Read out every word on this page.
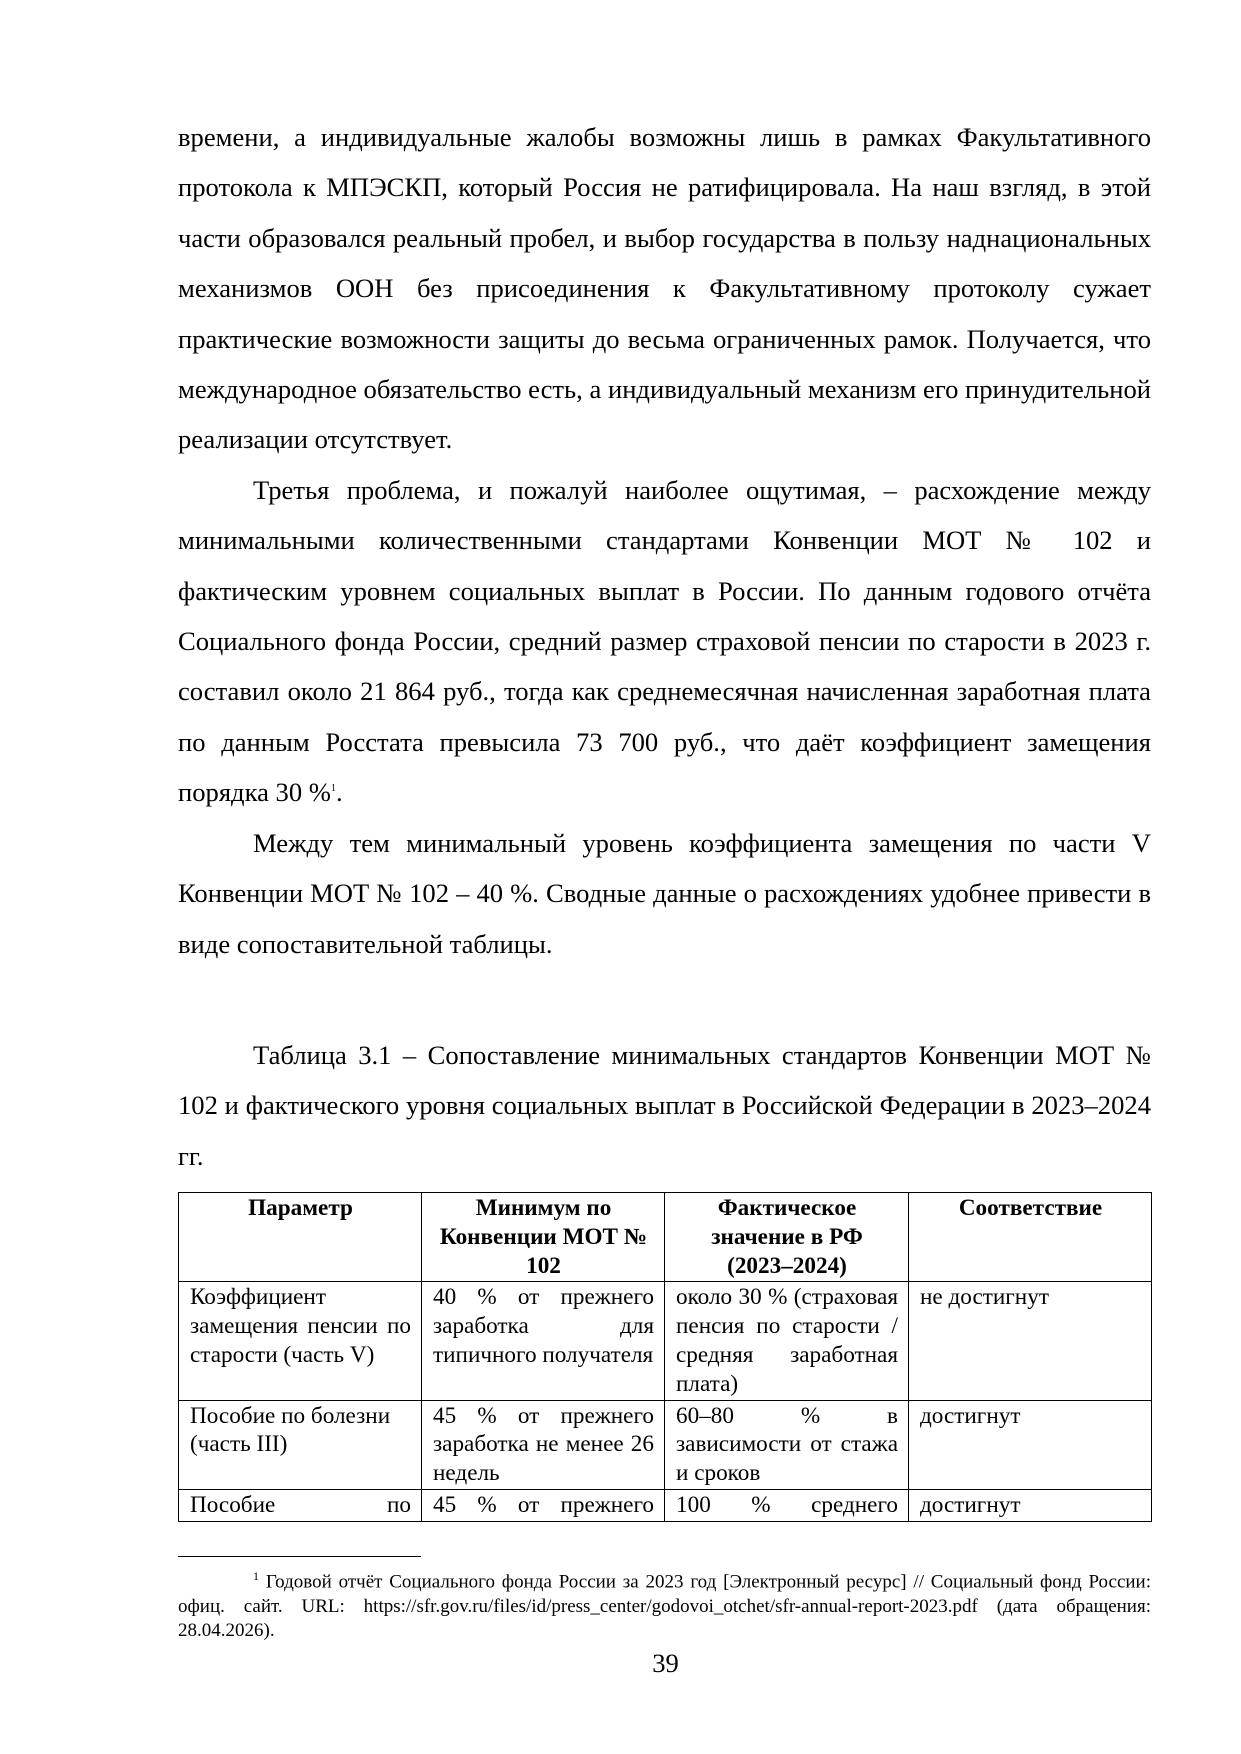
времени, а индивидуальные жалобы возможны лишь в рамках Факультативного протокола к МПЭСКП, который Россия не ратифицировала. На наш взгляд, в этой части образовался реальный пробел, и выбор государства в пользу наднациональных механизмов ООН без присоединения к Факультативному протоколу сужает практические возможности защиты до весьма ограниченных рамок. Получается, что международное обязательство есть, а индивидуальный механизм его принудительной реализации отсутствует.

Третья проблема, и пожалуй наиболее ощутимая, – расхождение между минимальными количественными стандартами Конвенции МОТ № 102 и фактическим уровнем социальных выплат в России. По данным годового отчёта Социального фонда России, средний размер страховой пенсии по старости в 2023 г. составил около 21 864 руб., тогда как среднемесячная начисленная заработная плата по данным Росстата превысила 73 700 руб., что даёт коэффициент замещения порядка 30 %$^1$.

Между тем минимальный уровень коэффициента замещения по части V Конвенции МОТ № 102 – 40 %. Сводные данные о расхождениях удобнее привести в виде сопоставительной таблицы.

Таблица 3.1 – Сопоставление минимальных стандартов Конвенции МОТ № 102 и фактического уровня социальных выплат в Российской Федерации в 2023–2024 гг.
Параметр	Минимум по Конвенции МОТ № 102	Фактическое значение в РФ (2023–2024)	Соответствие
Коэффициент замещения пенсии по старости (часть V)	40 % от прежнего заработка для типичного получателя	около 30 % (страховая пенсия по старости / средняя заработная плата)	не достигнут
Пособие по болезни (часть III)	45 % от прежнего заработка не менее 26 недель	60–80 % в зависимости от стажа и сроков	достигнут
Пособие по	45 % от прежнего	100 % среднего	достигнут
$^1$ Годовой отчёт Социального фонда России за 2023 год [Электронный ресурс] // Социальный фонд России: офиц. сайт. URL: https://sfr.gov.ru/files/id/press_center/godovoi_otchet/sfr-annual-report-2023.pdf (дата обращения: 28.04.2026).
39
